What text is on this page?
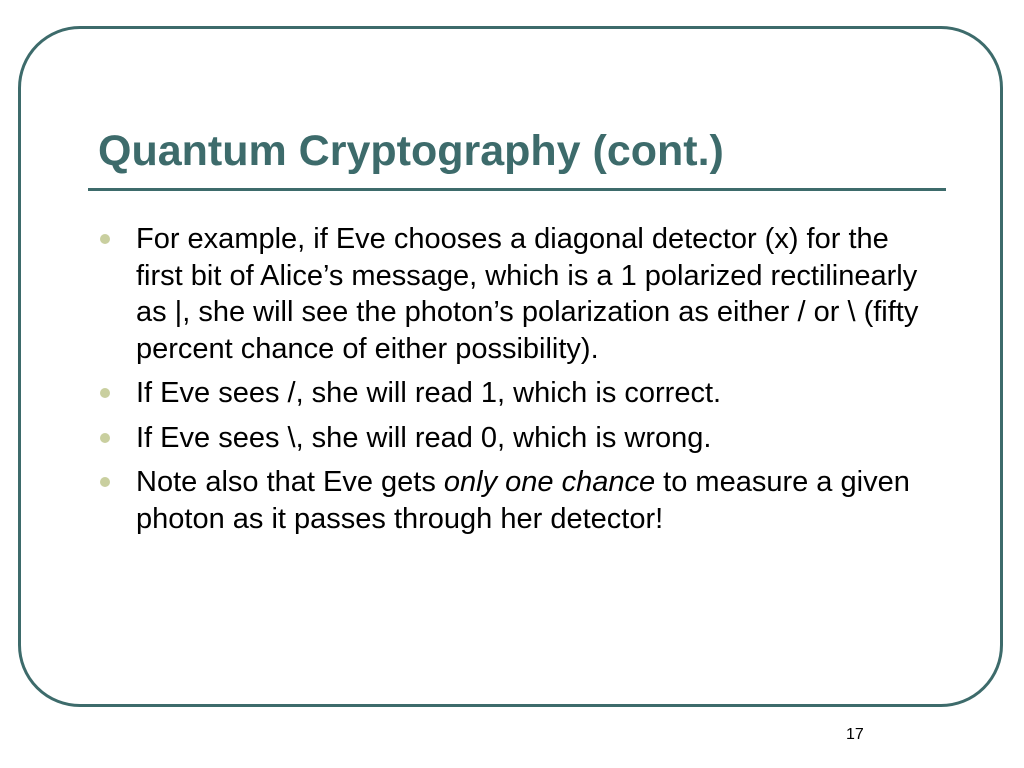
Quantum Cryptography (cont.)
For example, if Eve chooses a diagonal detector (x) for the first bit of Alice’s message, which is a 1 polarized rectilinearly as |, she will see the photon’s polarization as either / or \ (fifty percent chance of either possibility).
If Eve sees /, she will read 1, which is correct.
If Eve sees \, she will read 0, which is wrong.
Note also that Eve gets only one chance to measure a given photon as it passes through her detector!
17
